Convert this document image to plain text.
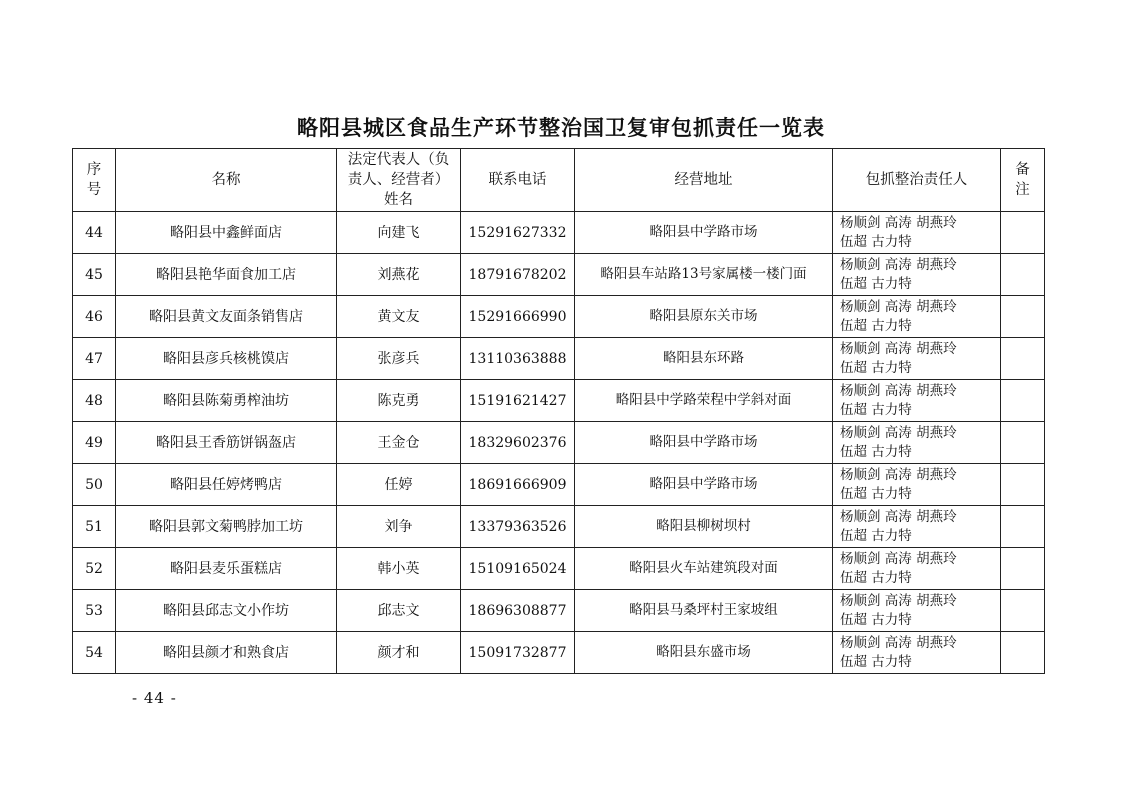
略阳县城区食品生产环节整治国卫复审包抓责任一览表
序号	名称	法定代表人（负责人、经营者）姓名	联系电话	经营地址	包抓整治责任人	备注
44	略阳县中鑫鲜面店	向建飞	15291627332	略阳县中学路市场	杨顺剑 高涛 胡燕玲
伍超 古力特	

45	略阳县艳华面食加工店	刘燕花	18791678202	略阳县车站路13号家属楼一楼门面	杨顺剑 高涛 胡燕玲
伍超 古力特	

46	略阳县黄文友面条销售店	黄文友	15291666990	略阳县原东关市场	杨顺剑 高涛 胡燕玲
伍超 古力特	

47	略阳县彦兵核桃馍店	张彦兵	13110363888	略阳县东环路	杨顺剑 高涛 胡燕玲
伍超 古力特	

48	略阳县陈菊勇榨油坊	陈克勇	15191621427	略阳县中学路荣程中学斜对面	杨顺剑 高涛 胡燕玲
伍超 古力特	

49	略阳县王香筋饼锅盔店	王金仓	18329602376	略阳县中学路市场	杨顺剑 高涛 胡燕玲
伍超 古力特	

50	略阳县任婷烤鸭店	任婷	18691666909	略阳县中学路市场	杨顺剑 高涛 胡燕玲
伍超 古力特	

51	略阳县郭文菊鸭脖加工坊	刘争	13379363526	略阳县柳树坝村	杨顺剑 高涛 胡燕玲
伍超 古力特	

52	略阳县麦乐蛋糕店	韩小英	15109165024	略阳县火车站建筑段对面	杨顺剑 高涛 胡燕玲
伍超 古力特	

53	略阳县邱志文小作坊	邱志文	18696308877	略阳县马桑坪村王家坡组	杨顺剑 高涛 胡燕玲
伍超 古力特	

54	略阳县颜才和熟食店	颜才和	15091732877	略阳县东盛市场	杨顺剑 高涛 胡燕玲
伍超 古力特	

- 44 -
